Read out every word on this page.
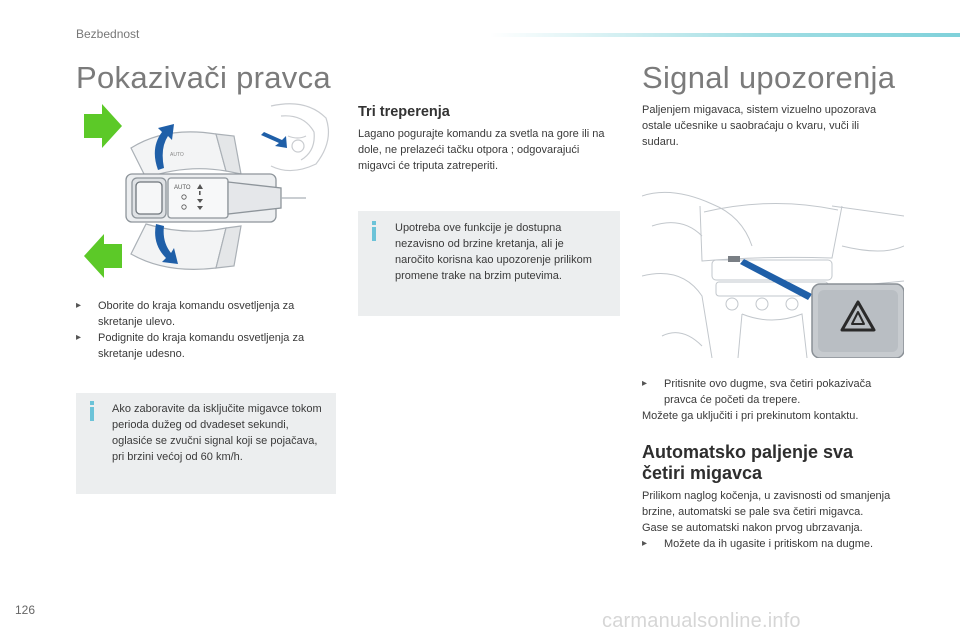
Bezbednost
Pokazivači pravca
AUTO
AUTO
▸	Oborite do kraja komandu osvetljenja za skretanje ulevo.
▸	Podignite do kraja komandu osvetljenja za skretanje udesno.
Ako zaboravite da isključite migavce tokom perioda dužeg od dvadeset sekundi, oglasiće se zvučni signal koji se pojačava, pri brzini većoj od 60 km/h.
Tri treperenja
Lagano pogurajte komandu za svetla na gore ili na dole, ne prelazeći tačku otpora ; odgovarajući migavci će triputa zatreperiti.
Upotreba ove funkcije je dostupna nezavisno od brzine kretanja, ali je naročito korisna kao upozorenje prilikom promene trake na brzim putevima.
Signal upozorenja
Paljenjem migavaca, sistem vizuelno upozorava ostale učesnike u saobraćaju o kvaru, vuči ili sudaru.
▸	Pritisnite ovo dugme, sva četiri pokazivača pravca će početi da trepere.
Možete ga uključiti i pri prekinutom kontaktu.
Automatsko paljenje sva
četiri migavca
Prilikom naglog kočenja, u zavisnosti od smanjenja brzine, automatski se pale sva četiri migavca.
Gase se automatski nakon prvog ubrzavanja.
▸	Možete da ih ugasite i pritiskom na dugme.
126	carmanualsonline.info
